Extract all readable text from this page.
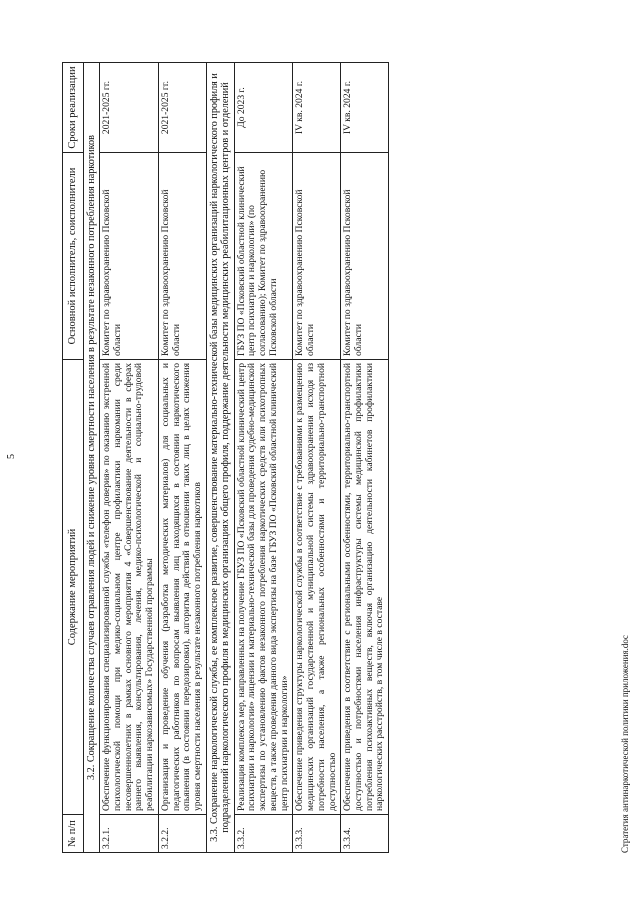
5
№ п/п	Содержание мероприятий	Основной исполнитель, соисполнители	Сроки реализации
3.2. Сокращение количества случаев отравления людей и снижение уровня смертности населения в результате незаконного потребления наркотиков			
3.2.1.	Обеспечение функционирования специализированной службы «телефон доверия» по оказанию экстренной психологической помощи при медико-социальном центре профилактики наркомании среди несовершеннолетних в рамках основного мероприятия 4 «Совершенствование деятельности в сферах раннего выявления, консультирования, лечения, медико-психологической и социально-трудовой реабилитации наркозависимых» Государственной программы	Комитет по здравоохранению Псковской области	2021-2025 гг.
3.2.2.	Организация и проведение обучения (разработка методических материалов) для социальных и педагогических работников по вопросам выявления лиц находящихся в состоянии наркотического опьянения (в состоянии передозировки), алгоритма действий в отношении таких лиц в целях снижения уровня смертности населения в результате незаконного потребления наркотиков	Комитет по здравоохранению Псковской области	2021-2025 гг.
3.3. Сохранение наркологической службы, ее комплексное развитие, совершенствование материально-технической базы медицинских организаций наркологического профиля и подразделений наркологического профиля в медицинских организациях общего профиля, поддержание деятельности медицинских реабилитационных центров и отделений			
3.3.2.	Реализация комплекса мер, направленных на получение ГБУЗ ПО «Псковский областной клинический центр психиатрии и наркологии» лицензии и материально-технической базы для проведения судебно-медицинской экспертизы по установлению фактов незаконного потребления наркотических средств или психотропных веществ, а также проведения данного вида экспертизы на базе ГБУЗ ПО «Псковский областной клинический центр психиатрии и наркологии»	ГБУЗ ПО «Псковский областной клинический центр психиатрии и наркологии» (по согласованию); Комитет по здравоохранению Псковской области	До 2023 г.
3.3.3.	Обеспечение приведения структуры наркологической службы в соответствие с требованиями к размещению медицинских организаций государственной и муниципальной системы здравоохранения исходя из потребности населения, а также региональных особенностями и территориально-транспортной доступностью	Комитет по здравоохранению Псковской области	IV кв. 2024 г.
3.3.4.	Обеспечение приведения в соответствие с региональными особенностями, территориально-транспортной доступностью и потребностями населения инфраструктуры системы медицинской профилактики потребления психоактивных веществ, включая организацию деятельности кабинетов профилактики наркологических расстройств, в том числе в составе	Комитет по здравоохранению Псковской области	IV кв. 2024 г.
Стратегия антинаркотической политики приложения.doc
